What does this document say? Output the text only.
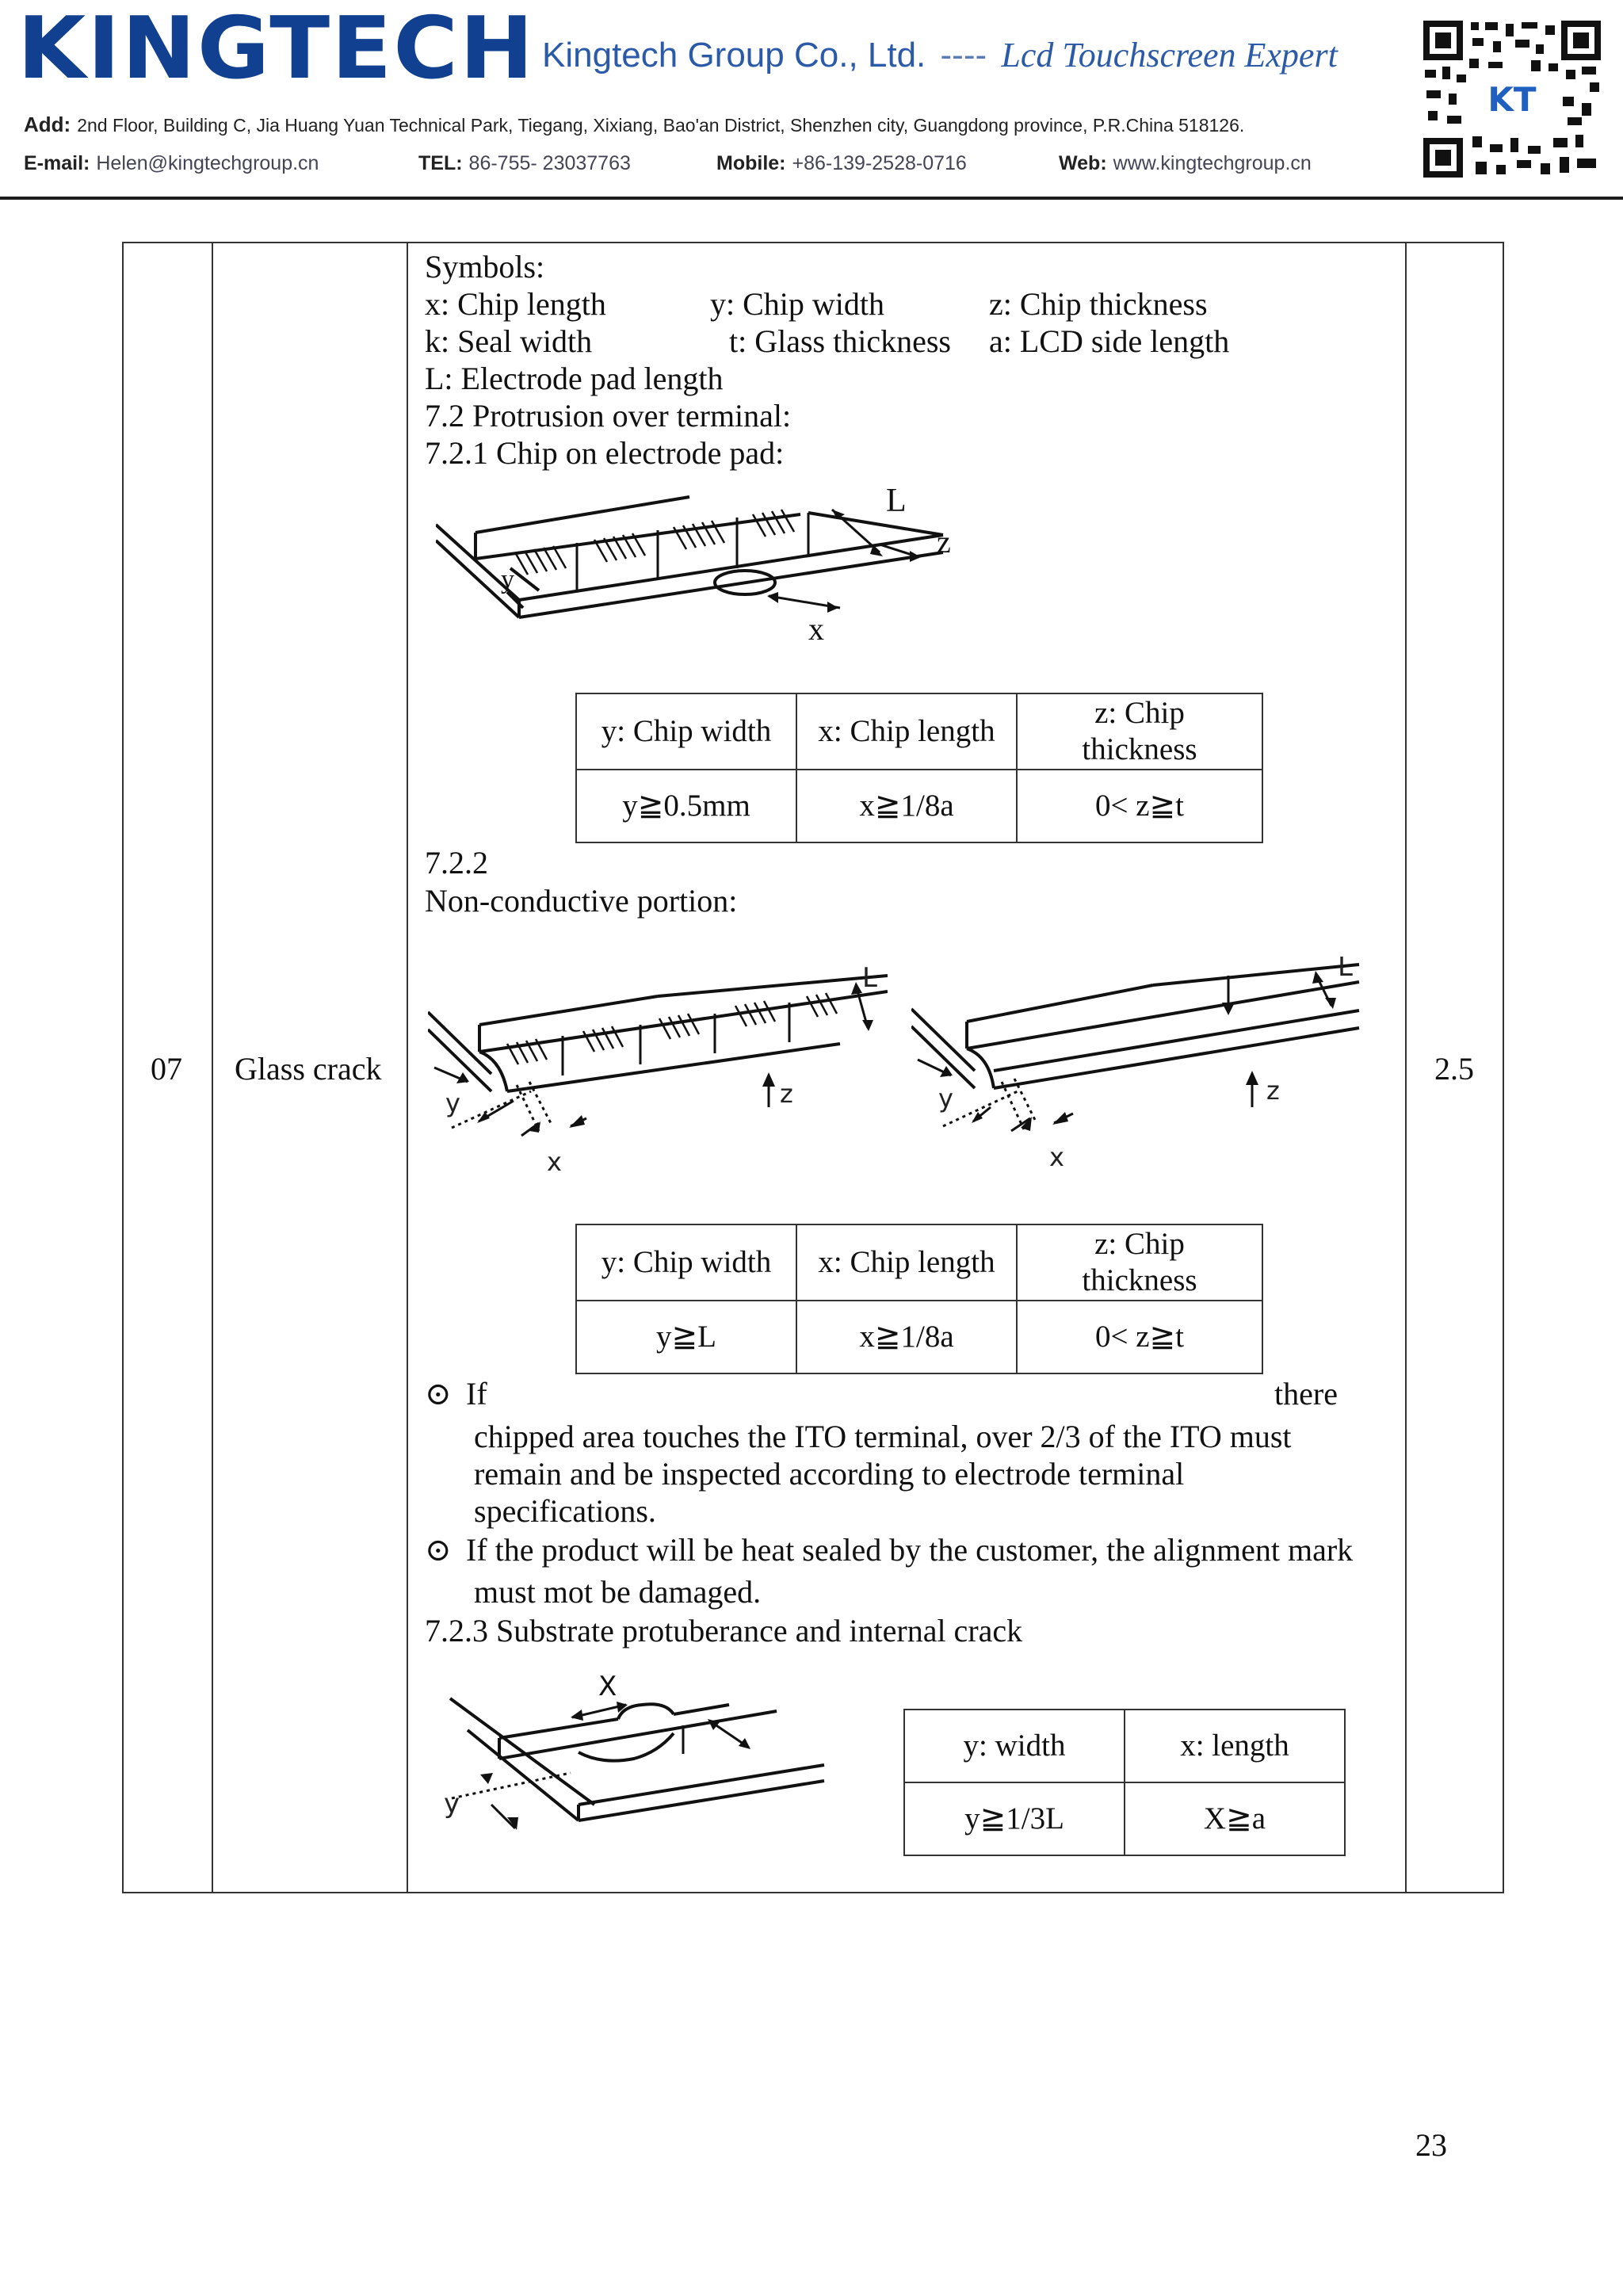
KINGTECH Kingtech Group Co., Ltd. ---- Lcd Touchscreen Expert
Add: 2nd Floor, Building C, Jia Huang Yuan Technical Park, Tiegang, Xixiang, Bao'an District, Shenzhen city, Guangdong province, P.R.China 518126.
E-mail: Helen@kingtechgroup.cn	TEL: 86-755- 23037763	Mobile: +86-139-2528-0716	Web: www.kingtechgroup.cn
KT
07 Glass crack	2.5
Symbols:
x: Chip length	y: Chip width	z: Chip thickness
k: Seal width	t: Glass thickness a: LCD side length
L: Electrode pad length
7.2 Protrusion over terminal:
7.2.1 Chip on electrode pad:
L
z
x
y
y: Chip width	x: Chip length	z: Chip
thickness
y≧0.5mm	x≧1/8a	0< z≧t
7.2.2
Non-conductive portion:
L
z
y
x
L
z
y
x
y: Chip width	x: Chip length	z: Chip
thickness
y≧L	x≧1/8a	0< z≧t
⊙ If	there
chipped area touches the ITO terminal, over 2/3 of the ITO must
remain and be inspected according to electrode terminal
specifications.
⊙ If the product will be heat sealed by the customer, the alignment mark
must mot be damaged.
7.2.3 Substrate protuberance and internal crack
X
y
y: width	x: length
y≧1/3L	X≧a
23
